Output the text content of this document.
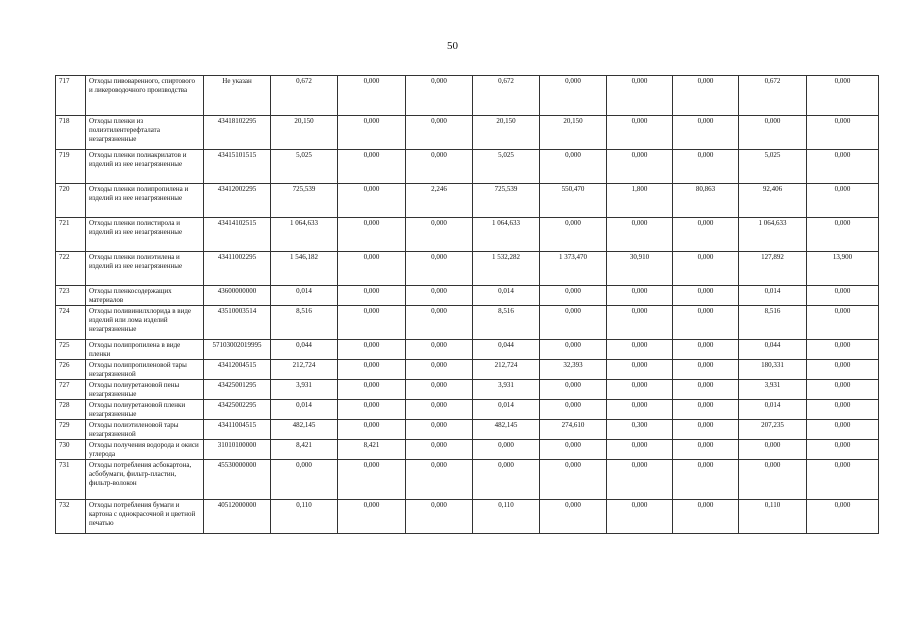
50
717	Отходы пивоваренного, спиртового и ликероводочного производства	Не указан	0,672	0,000	0,000	0,672	0,000	0,000	0,000	0,672	0,000
718	Отходы пленки из полиэтилентерефталата незагрязненные	43418102295	20,150	0,000	0,000	20,150	20,150	0,000	0,000	0,000	0,000
719	Отходы пленки полиакрилатов и изделий из нее незагрязненные	43415101515	5,025	0,000	0,000	5,025	0,000	0,000	0,000	5,025	0,000
720	Отходы пленки полипропилена и изделий из нее незагрязненные	43412002295	725,539	0,000	2,246	725,539	550,470	1,800	80,863	92,406	0,000
721	Отходы пленки полистирола и изделий из нее незагрязненные	43414102515	1 064,633	0,000	0,000	1 064,633	0,000	0,000	0,000	1 064,633	0,000
722	Отходы пленки полиэтилена и изделий из нее незагрязненные	43411002295	1 546,182	0,000	0,000	1 532,282	1 373,470	30,910	0,000	127,892	13,900
723	Отходы пленкосодержащих материалов	43600000000	0,014	0,000	0,000	0,014	0,000	0,000	0,000	0,014	0,000
724	Отходы поливинилхлорида в виде изделий или лома изделий незагрязненные	43510003514	8,516	0,000	0,000	8,516	0,000	0,000	0,000	8,516	0,000
725	Отходы полипропилена в виде пленки	57103002019995	0,044	0,000	0,000	0,044	0,000	0,000	0,000	0,044	0,000
726	Отходы полипропиленовой тары незагрязненной	43412004515	212,724	0,000	0,000	212,724	32,393	0,000	0,000	180,331	0,000
727	Отходы полиуретановой пены незагрязненные	43425001295	3,931	0,000	0,000	3,931	0,000	0,000	0,000	3,931	0,000
728	Отходы полиуретановой пленки незагрязненные	43425002295	0,014	0,000	0,000	0,014	0,000	0,000	0,000	0,014	0,000
729	Отходы полиэтиленовой тары незагрязненной	43411004515	482,145	0,000	0,000	482,145	274,610	0,300	0,000	207,235	0,000
730	Отходы получения водорода и окиси углерода	31010100000	8,421	8,421	0,000	0,000	0,000	0,000	0,000	0,000	0,000
731	Отходы потребления асбокартона, асбобумаги, фильтр-пластин, фильтр-волокон	45530000000	0,000	0,000	0,000	0,000	0,000	0,000	0,000	0,000	0,000
732	Отходы потребления бумаги и картона с однокрасочной и цветной печатью	40512000000	0,110	0,000	0,000	0,110	0,000	0,000	0,000	0,110	0,000
